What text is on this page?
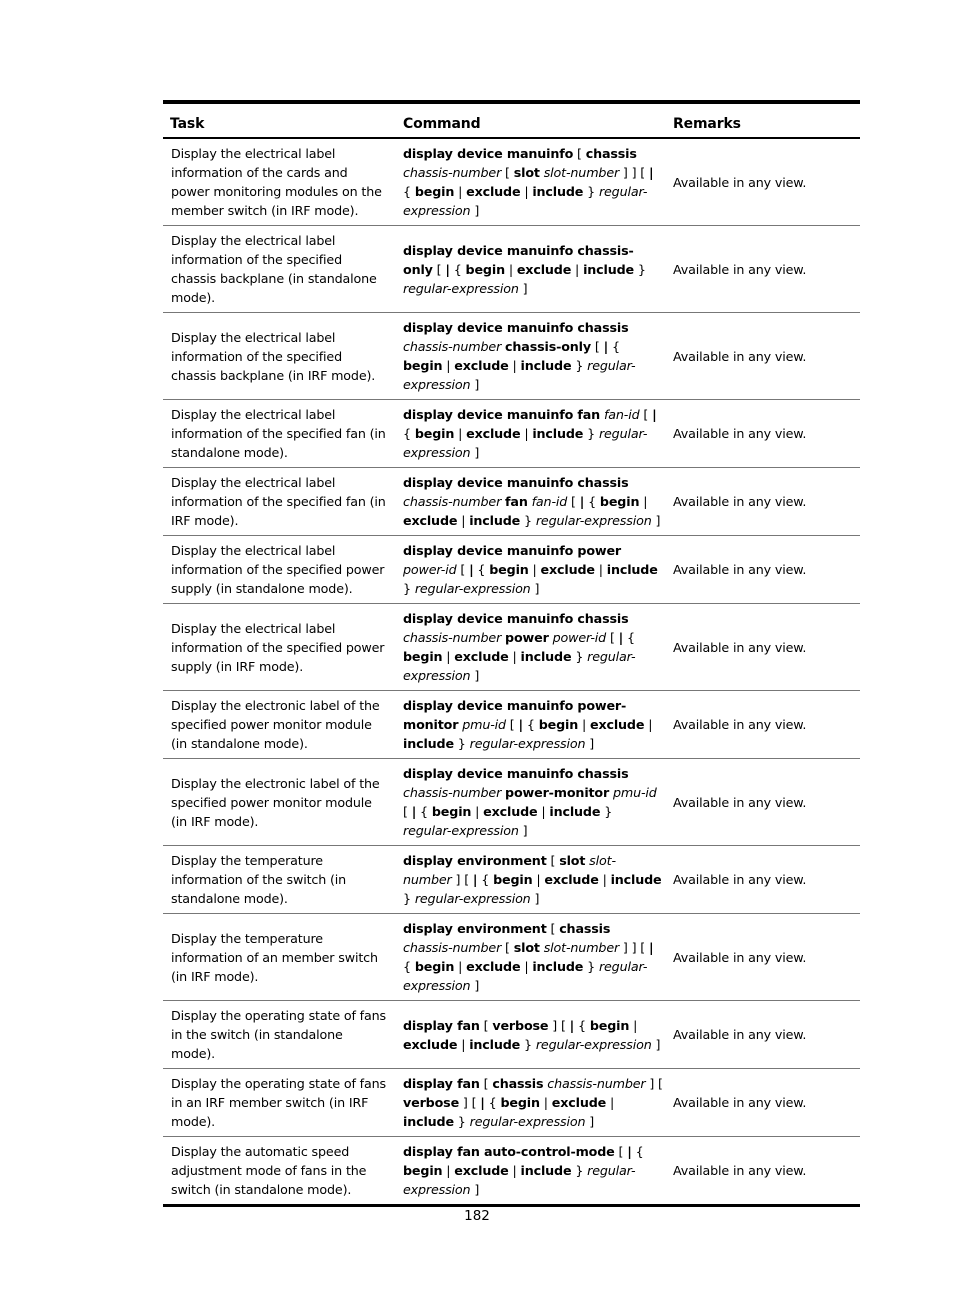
Task	Command	Remarks
Display the electrical label information of the cards and power monitoring modules on the member switch (in IRF mode).	display device manuinfo [ chassis chassis-number [ slot slot-number ] ] [ | { begin | exclude | include } regular-expression ]	Available in any view.
Display the electrical label information of the specified chassis backplane (in standalone mode).	display device manuinfo chassis-only [ | { begin | exclude | include } regular-expression ]	Available in any view.
Display the electrical label information of the specified chassis backplane (in IRF mode).	display device manuinfo chassis chassis-number chassis-only [ | { begin | exclude | include } regular-expression ]	Available in any view.
Display the electrical label information of the specified fan (in standalone mode).	display device manuinfo fan fan-id [ | { begin | exclude | include } regular-expression ]	Available in any view.
Display the electrical label information of the specified fan (in IRF mode).	display device manuinfo chassis chassis-number fan fan-id [ | { begin | exclude | include } regular-expression ]	Available in any view.
Display the electrical label information of the specified power supply (in standalone mode).	display device manuinfo power power-id [ | { begin | exclude | include } regular-expression ]	Available in any view.
Display the electrical label information of the specified power supply (in IRF mode).	display device manuinfo chassis chassis-number power power-id [ | { begin | exclude | include } regular-expression ]	Available in any view.
Display the electronic label of the specified power monitor module (in standalone mode).	display device manuinfo power-monitor pmu-id [ | { begin | exclude | include } regular-expression ]	Available in any view.
Display the electronic label of the specified power monitor module (in IRF mode).	display device manuinfo chassis chassis-number power-monitor pmu-id [ | { begin | exclude | include } regular-expression ]	Available in any view.
Display the temperature information of the switch (in standalone mode).	display environment [ slot slot-number ] [ | { begin | exclude | include } regular-expression ]	Available in any view.
Display the temperature information of an member switch (in IRF mode).	display environment [ chassis chassis-number [ slot slot-number ] ] [ | { begin | exclude | include } regular-expression ]	Available in any view.
Display the operating state of fans in the switch (in standalone mode).	display fan [ verbose ] [ | { begin | exclude | include } regular-expression ]	Available in any view.
Display the operating state of fans in an IRF member switch (in IRF mode).	display fan [ chassis chassis-number ] [ verbose ] [ | { begin | exclude | include } regular-expression ]	Available in any view.
Display the automatic speed adjustment mode of fans in the switch (in standalone mode).	display fan auto-control-mode [ | { begin | exclude | include } regular-expression ]	Available in any view.
182
